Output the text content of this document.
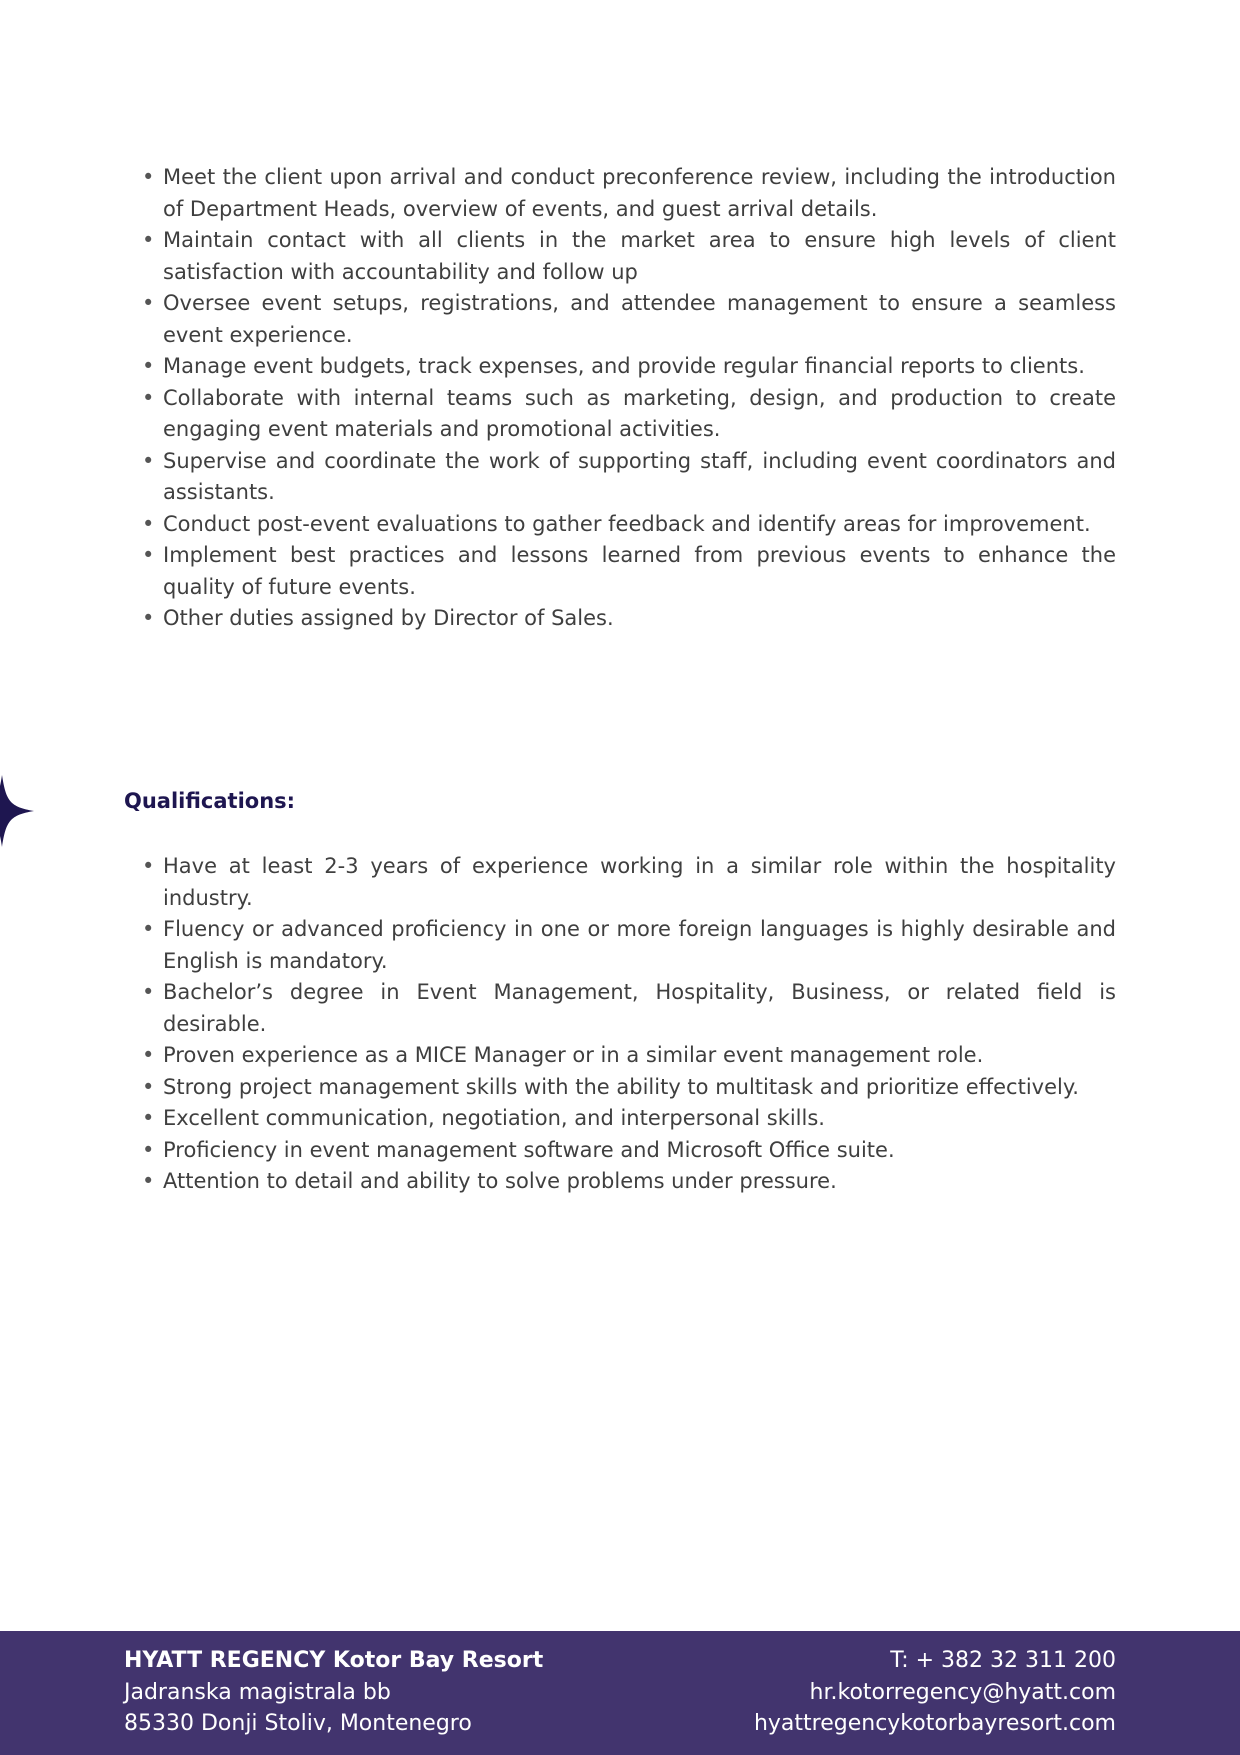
• Meet the client upon arrival and conduct preconference review, including the introduction of Department Heads, overview of events, and guest arrival details.
• Maintain contact with all clients in the market area to ensure high levels of client satisfaction with accountability and follow up
• Oversee event setups, registrations, and attendee management to ensure a seamless event experience.
• Manage event budgets, track expenses, and provide regular financial reports to clients.
• Collaborate with internal teams such as marketing, design, and production to create engaging event materials and promotional activities.
• Supervise and coordinate the work of supporting staff, including event coordinators and assistants.
• Conduct post-event evaluations to gather feedback and identify areas for improvement.
• Implement best practices and lessons learned from previous events to enhance the quality of future events.
• Other duties assigned by Director of Sales.
Qualifications:
• Have at least 2-3 years of experience working in a similar role within the hospitality industry.
• Fluency or advanced proficiency in one or more foreign languages is highly desirable and English is mandatory.
• Bachelor’s degree in Event Management, Hospitality, Business, or related field is desirable.
• Proven experience as a MICE Manager or in a similar event management role.
• Strong project management skills with the ability to multitask and prioritize effectively.
• Excellent communication, negotiation, and interpersonal skills.
• Proficiency in event management software and Microsoft Office suite.
• Attention to detail and ability to solve problems under pressure.
HYATT REGENCY Kotor Bay Resort
Jadranska magistrala bb
85330 Donji Stoliv, Montenegro
T: + 382 32 311 200
hr.kotorregency@hyatt.com
hyattregencykotorbayresort.com
